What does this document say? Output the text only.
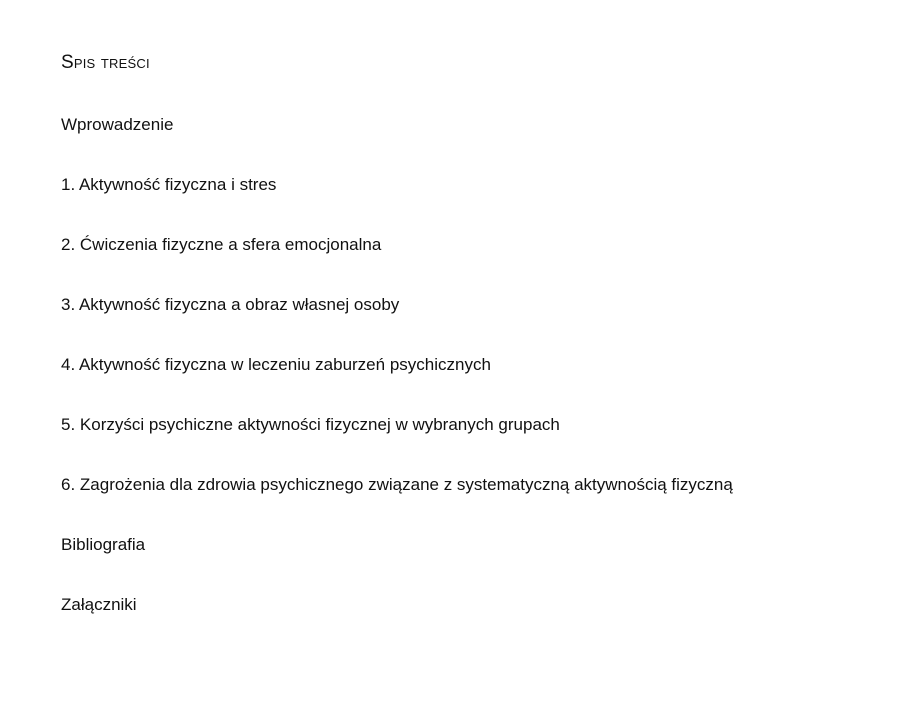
Spis treści
Wprowadzenie
1. Aktywność fizyczna i stres
2. Ćwiczenia fizyczne a sfera emocjonalna
3. Aktywność fizyczna a obraz własnej osoby
4. Aktywność fizyczna w leczeniu zaburzeń psychicznych
5. Korzyści psychiczne aktywności fizycznej w wybranych grupach
6. Zagrożenia dla zdrowia psychicznego związane z systematyczną aktywnością fizyczną
Bibliografia
Załączniki
